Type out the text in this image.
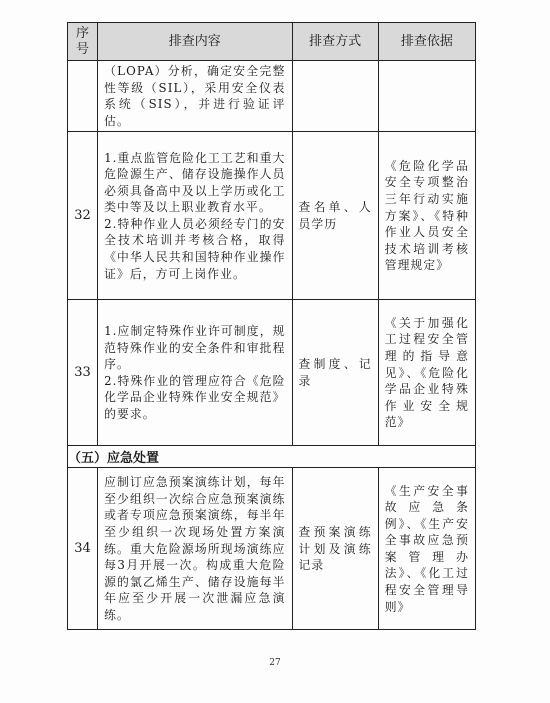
序号	排查内容	排查方式	排查依据

	（LOPA）分析，确定安全完整性等级（SIL），采用安全仪表系统（SIS），并进行验证评估。		

32	1.重点监管危险化工工艺和重大危险源生产、储存设施操作人员必须具备高中及以上学历或化工类中等及以上职业教育水平。
2.特种作业人员必须经专门的安全技术培训并考核合格，取得《中华人民共和国特种作业操作证》后，方可上岗作业。	查名单、人员学历	《危险化学品安全专项整治三年行动实施方案》、《特种作业人员安全技术培训考核管理规定》

33	1.应制定特殊作业许可制度，规范特殊作业的安全条件和审批程序。
2.特殊作业的管理应符合《危险化学品企业特殊作业安全规范》的要求。	查制度、记录	《关于加强化工过程安全管理的指导意见》、《危险化学品企业特殊作业安全规范》

（五）应急处置			
34	应制订应急预案演练计划，每年至少组织一次综合应急预案演练或者专项应急预案演练，每半年至少组织一次现场处置方案演练。重大危险源场所现场演练应每3月开展一次。构成重大危险源的氯乙烯生产、储存设施每半年应至少开展一次泄漏应急演练。	查预案演练计划及演练记录	《生产安全事故应急条例》、《生产安全事故应急预案管理办法》、《化工过程安全管理导则》
27
